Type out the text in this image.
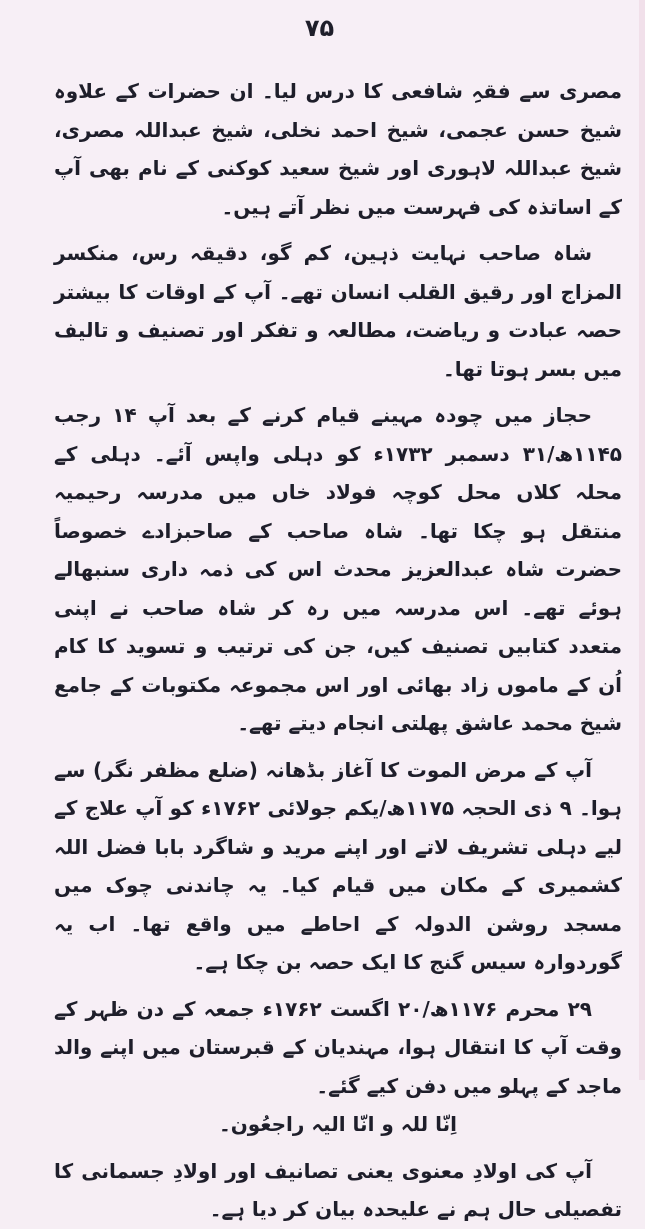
۷۵

مصری سے فقہِ شافعی کا درس لیا۔ ان حضرات کے علاوہ شیخ حسن عجمی، شیخ احمد نخلی، شیخ عبداللہ مصری، شیخ عبداللہ لاہوری اور شیخ سعید کوکنی کے نام بھی آپ کے اساتذہ کی فہرست میں نظر آتے ہیں۔

شاہ صاحب نہایت ذہین، کم گو، دقیقہ رس، منکسر المزاج اور رقیق القلب انسان تھے۔ آپ کے اوقات کا بیشتر حصہ عبادت و ریاضت، مطالعہ و تفکر اور تصنیف و تالیف میں بسر ہوتا تھا۔

حجاز میں چودہ مہینے قیام کرنے کے بعد آپ ۱۴ رجب ۱۱۴۵ھ/۳۱ دسمبر ۱۷۳۲ء کو دہلی واپس آئے۔ دہلی کے محلہ کلاں محل کوچہ فولاد خاں میں مدرسہ رحیمیہ منتقل ہو چکا تھا۔ شاہ صاحب کے صاحبزادے خصوصاً حضرت شاہ عبدالعزیز محدث اس کی ذمہ داری سنبھالے ہوئے تھے۔ اس مدرسہ میں رہ کر شاہ صاحب نے اپنی متعدد کتابیں تصنیف کیں، جن کی ترتیب و تسوید کا کام اُن کے ماموں زاد بھائی اور اس مجموعہ مکتوبات کے جامع شیخ محمد عاشق پھلتی انجام دیتے تھے۔

آپ کے مرض الموت کا آغاز بڈھانہ (ضلع مظفر نگر) سے ہوا۔ ۹ ذی الحجہ ۱۱۷۵ھ/یکم جولائی ۱۷۶۲ء کو آپ علاج کے لیے دہلی تشریف لاتے اور اپنے مرید و شاگرد بابا فضل اللہ کشمیری کے مکان میں قیام کیا۔ یہ چاندنی چوک میں مسجد روشن الدولہ کے احاطے میں واقع تھا۔ اب یہ گوردوارہ سیس گنج کا ایک حصہ بن چکا ہے۔

۲۹ محرم ۱۱۷۶ھ/۲۰ اگست ۱۷۶۲ء جمعہ کے دن ظہر کے وقت آپ کا انتقال ہوا، مہندیان کے قبرستان میں اپنے والد ماجد کے پہلو میں دفن کیے گئے۔

اِنّا للہ و انّا الیہ راجعُون۔

آپ کی اولادِ معنوی یعنی تصانیف اور اولادِ جسمانی کا تفصیلی حال ہم نے علیحدہ بیان کر دیا ہے۔
